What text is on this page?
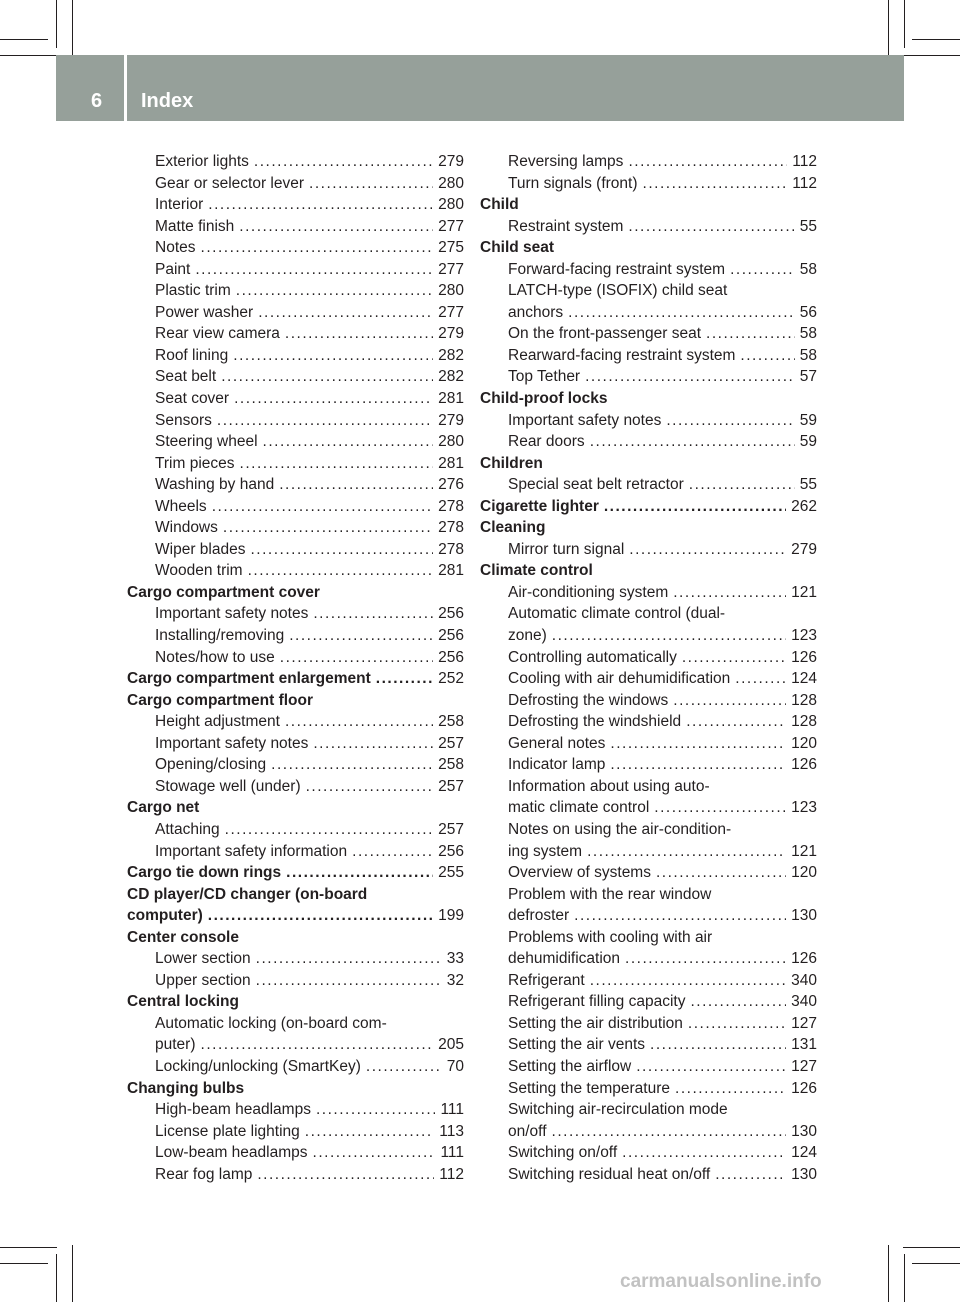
6 Index
Exterior lights . . .	279
Gear or selector lever . . .	280
Interior . . .	280
Matte finish . . .	277
Notes . . .	275
Paint . . .	277
Plastic trim . . .	280
Power washer . . .	277
Rear view camera . . .	279
Roof lining . . .	282
Seat belt . . .	282
Seat cover . . .	281
Sensors . . .	279
Steering wheel . . .	280
Trim pieces . . .	281
Washing by hand . . .	276
Wheels . . .	278
Windows . . .	278
Wiper blades . . .	278
Wooden trim . . .	281
Cargo compartment cover
Important safety notes . . .	256
Installing/removing . . .	256
Notes/how to use . . .	256
Cargo compartment enlargement . . .	252
Cargo compartment floor
Height adjustment . . .	258
Important safety notes . . .	257
Opening/closing . . .	258
Stowage well (under) . . .	257
Cargo net
Attaching . . .	257
Important safety information . . .	256
Cargo tie down rings . . .	255
CD player/CD changer (on-board
computer) . . .	199
Center console
Lower section . . .	33
Upper section . . .	32
Central locking
Automatic locking (on-board com-
puter) . . .	205
Locking/unlocking (SmartKey) . . .	70
Changing bulbs
High-beam headlamps . . .	111
License plate lighting . . .	113
Low-beam headlamps . . .	111
Rear fog lamp . . .	112
Reversing lamps . . .	112
Turn signals (front) . . .	112
Child
Restraint system . . .	55
Child seat
Forward-facing restraint system . . .	58
LATCH-type (ISOFIX) child seat
anchors . . .	56
On the front-passenger seat . . .	58
Rearward-facing restraint system . . .	58
Top Tether . . .	57
Child-proof locks
Important safety notes . . .	59
Rear doors . . .	59
Children
Special seat belt retractor . . .	55
Cigarette lighter . . .	262
Cleaning
Mirror turn signal . . .	279
Climate control
Air-conditioning system . . .	121
Automatic climate control (dual-
zone) . . .	123
Controlling automatically . . .	126
Cooling with air dehumidification . . .	124
Defrosting the windows . . .	128
Defrosting the windshield . . .	128
General notes . . .	120
Indicator lamp . . .	126
Information about using auto-
matic climate control . . .	123
Notes on using the air-condition-
ing system . . .	121
Overview of systems . . .	120
Problem with the rear window
defroster . . .	130
Problems with cooling with air
dehumidification . . .	126
Refrigerant . . .	340
Refrigerant filling capacity . . .	340
Setting the air distribution . . .	127
Setting the air vents . . .	131
Setting the airflow . . .	127
Setting the temperature . . .	126
Switching air-recirculation mode
on/off . . .	130
Switching on/off . . .	124
Switching residual heat on/off . . .	130
carmanualsonline.info
